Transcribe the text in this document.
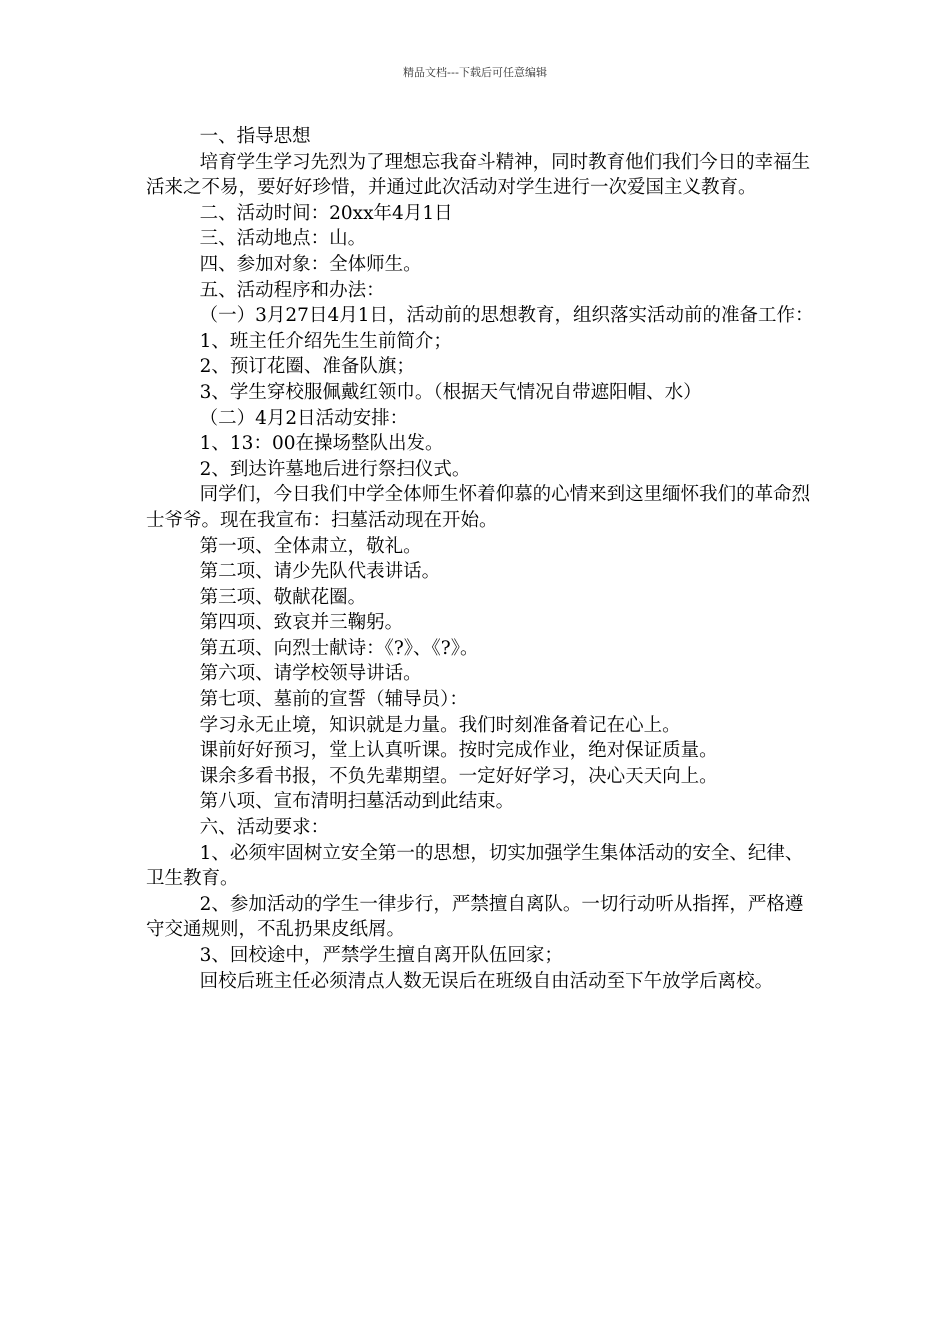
精品文档---下载后可任意编辑

一、指导思想

培育学生学习先烈为了理想忘我奋斗精神，同时教育他们我们今日的幸福生活来之不易，要好好珍惜，并通过此次活动对学生进行一次爱国主义教育。

二、活动时间：20xx年4月1日

三、活动地点：山。

四、参加对象：全体师生。

五、活动程序和办法：

（一）3月27日4月1日，活动前的思想教育，组织落实活动前的准备工作：

1、班主任介绍先生生前简介；

2、预订花圈、准备队旗；

3、学生穿校服佩戴红领巾。（根据天气情况自带遮阳帽、水）

（二）4月2日活动安排：

1、13：00在操场整队出发。

2、到达许墓地后进行祭扫仪式。

同学们，今日我们中学全体师生怀着仰慕的心情来到这里缅怀我们的革命烈士爷爷。现在我宣布：扫墓活动现在开始。

第一项、全体肃立，敬礼。

第二项、请少先队代表讲话。

第三项、敬献花圈。

第四项、致哀并三鞠躬。

第五项、向烈士献诗：《?》、《?》。

第六项、请学校领导讲话。

第七项、墓前的宣誓（辅导员）：

学习永无止境，知识就是力量。我们时刻准备着记在心上。

课前好好预习，堂上认真听课。按时完成作业，绝对保证质量。

课余多看书报，不负先辈期望。一定好好学习，决心天天向上。

第八项、宣布清明扫墓活动到此结束。

六、活动要求：

1、必须牢固树立安全第一的思想，切实加强学生集体活动的安全、纪律、卫生教育。

2、参加活动的学生一律步行，严禁擅自离队。一切行动听从指挥，严格遵守交通规则，不乱扔果皮纸屑。

3、回校途中，严禁学生擅自离开队伍回家；

回校后班主任必须清点人数无误后在班级自由活动至下午放学后离校。
